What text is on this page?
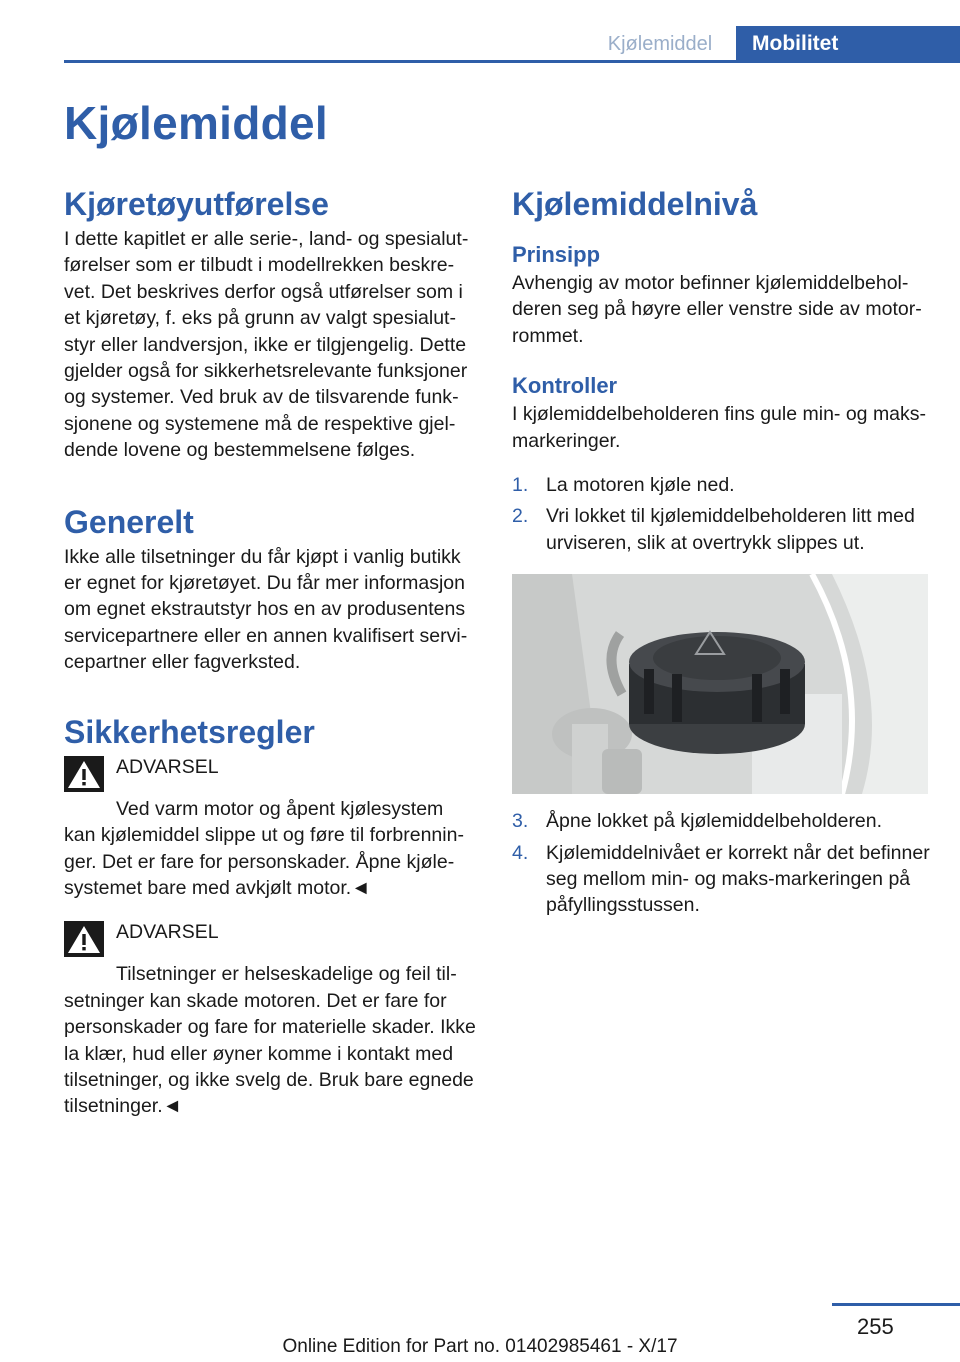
Kjølemiddel	Mobilitet
Kjølemiddel
Kjøretøyutførelse

I dette kapitlet er alle serie-, land- og spesialutførelser som er tilbudt i modellrekken beskrevet. Det beskrives derfor også utførelser som i et kjøretøy, f. eks på grunn av valgt spesialutstyr eller landversjon, ikke er tilgjengelig. Dette gjelder også for sikkerhetsrelevante funksjoner og systemer. Ved bruk av de tilsvarende funksjonene og systemene må de respektive gjeldende lovene og bestemmelsene følges.

Generelt

Ikke alle tilsetninger du får kjøpt i vanlig butikk er egnet for kjøretøyet. Du får mer informasjon om egnet ekstrautstyr hos en av produsentens servicepartnere eller en annen kvalifisert servicepartner eller fagverksted.

Sikkerhetsregler
ADVARSEL

Ved varm motor og åpent kjølesystem kan kjølemiddel slippe ut og føre til forbrenninger. Det er fare for personskader. Åpne kjølesystemet bare med avkjølt motor.◄

ADVARSEL

Tilsetninger er helseskadelige og feil tilsetninger kan skade motoren. Det er fare for personskader og fare for materielle skader. Ikke la klær, hud eller øyner komme i kontakt med tilsetninger, og ikke svelg de. Bruk bare egnede tilsetninger.◄

Kjølemiddelnivå
Prinsipp

Avhengig av motor befinner kjølemiddelbeholderen seg på høyre eller venstre side av motorrommet.

Kontroller

I kjølemiddelbeholderen fins gule min- og maks-markeringer.

1. La motoren kjøle ned.
2. Vri lokket til kjølemiddelbeholderen litt med urviseren, slik at overtrykk slippes ut.
3. Åpne lokket på kjølemiddelbeholderen.
4. Kjølemiddelnivået er korrekt når det befinner seg mellom min- og maks-markeringen på påfyllingsstussen.
255
Online Edition for Part no. 01402985461 - X/17
